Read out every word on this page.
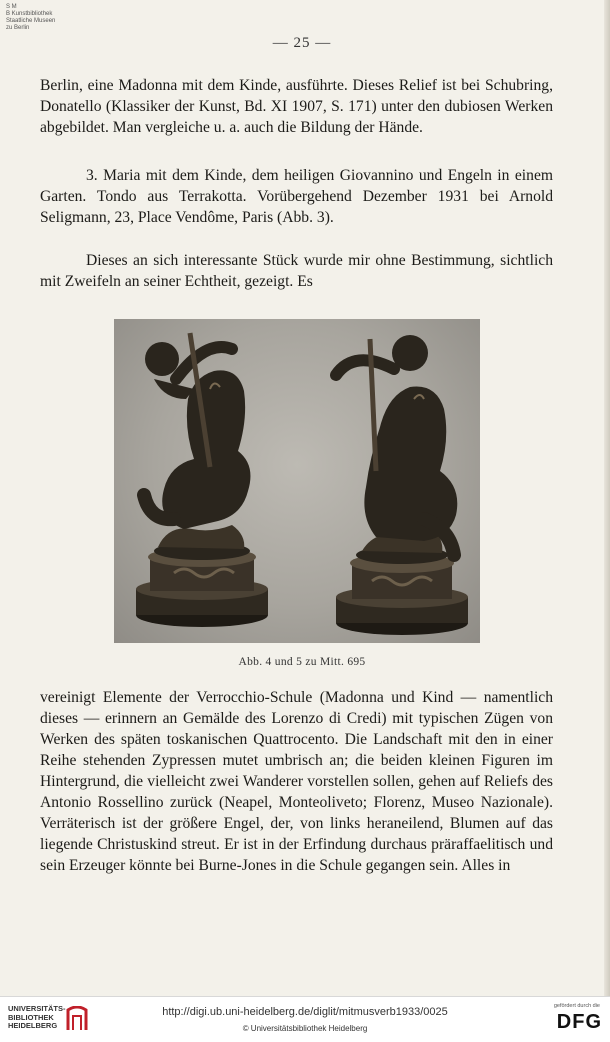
S M
B Kunstbibliothek
Staatliche Museen
zu Berlin
— 25 —

Berlin, eine Madonna mit dem Kinde, ausführte. Dieses Relief ist bei Schubring, Donatello (Klassiker der Kunst, Bd. XI 1907, S. 171) unter den dubiosen Werken abgebildet. Man vergleiche u. a. auch die Bildung der Hände.

3. Maria mit dem Kinde, dem heiligen Giovannino und Engeln in einem Garten. Tondo aus Terrakotta. Vorübergehend Dezember 1931 bei Arnold Seligmann, 23, Place Vendôme, Paris (Abb. 3).

Dieses an sich interessante Stück wurde mir ohne Bestimmung, sichtlich mit Zweifeln an seiner Echtheit, gezeigt. Es

Abb. 4 und 5 zu Mitt. 695

vereinigt Elemente der Verrocchio-Schule (Madonna und Kind — namentlich dieses — erinnern an Gemälde des Lorenzo di Credi) mit typischen Zügen von Werken des späten toskanischen Quattrocento. Die Landschaft mit den in einer Reihe stehenden Zypressen mutet umbrisch an; die beiden kleinen Figuren im Hintergrund, die vielleicht zwei Wanderer vorstellen sollen, gehen auf Reliefs des Antonio Rossellino zurück (Neapel, Monteoliveto; Florenz, Museo Nazionale). Verräterisch ist der größere Engel, der, von links heraneilend, Blumen auf das liegende Christuskind streut. Er ist in der Erfindung durchaus präraffaelitisch und sein Erzeuger könnte bei Burne-Jones in die Schule gegangen sein. Alles in

UNIVERSITÄTS-
BIBLIOTHEK
HEIDELBERG
http://digi.ub.uni-heidelberg.de/diglit/mitmusverb1933/0025
© Universitätsbibliothek Heidelberg
gefördert durch die
DFG
